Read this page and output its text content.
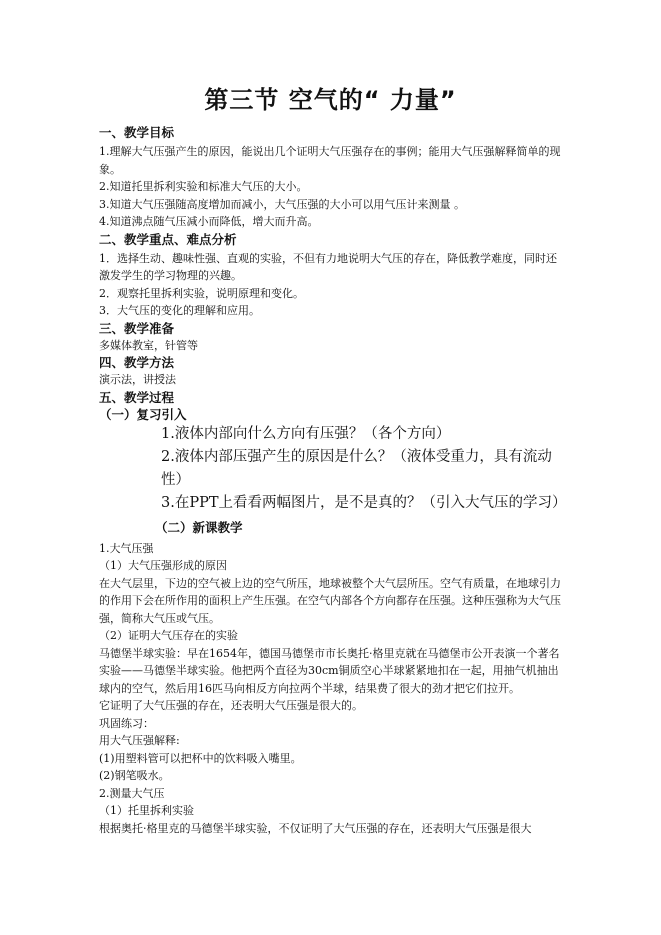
第三节 空气的“ 力量”

一、教学目标

1.理解大气压强产生的原因，能说出几个证明大气压强存在的事例；能用大气压强解释简单的现象。

2.知道托里拆利实验和标准大气压的大小。

3.知道大气压强随高度增加而减小，大气压强的大小可以用气压计来测量 。

4.知道沸点随气压减小而降低，增大而升高。

二、教学重点、难点分析

1．选择生动、趣味性强、直观的实验，不但有力地说明大气压的存在，降低教学难度，同时还激发学生的学习物理的兴趣。

2．观察托里拆利实验，说明原理和变化。

3．大气压的变化的理解和应用。

三、教学准备

多媒体教室，针管等

四、教学方法

演示法，讲授法

五、教学过程

（一）复习引入

1.液体内部向什么方向有压强？（各个方向）

2.液体内部压强产生的原因是什么？（液体受重力，具有流动性）

3.在PPT上看看两幅图片，是不是真的？（引入大气压的学习）

（二）新课教学

1.大气压强

（1）大气压强形成的原因

在大气层里，下边的空气被上边的空气所压，地球被整个大气层所压。空气有质量，在地球引力的作用下会在所作用的面积上产生压强。在空气内部各个方向都存在压强。这种压强称为大气压强，简称大气压或气压。

（2）证明大气压存在的实验

马德堡半球实验：早在1654年，德国马德堡市市长奥托·格里克就在马德堡市公开表演一个著名实验——马德堡半球实验。他把两个直径为30cm铜质空心半球紧紧地扣在一起，用抽气机抽出球内的空气，然后用16匹马向相反方向拉两个半球，结果费了很大的劲才把它们拉开。

它证明了大气压强的存在，还表明大气压强是很大的。

巩固练习：

用大气压强解释:

(1)用塑料管可以把杯中的饮料吸入嘴里。

(2)钢笔吸水。

2.测量大气压

（1）托里拆利实验

根据奥托·格里克的马德堡半球实验，不仅证明了大气压强的存在，还表明大气压强是很大
